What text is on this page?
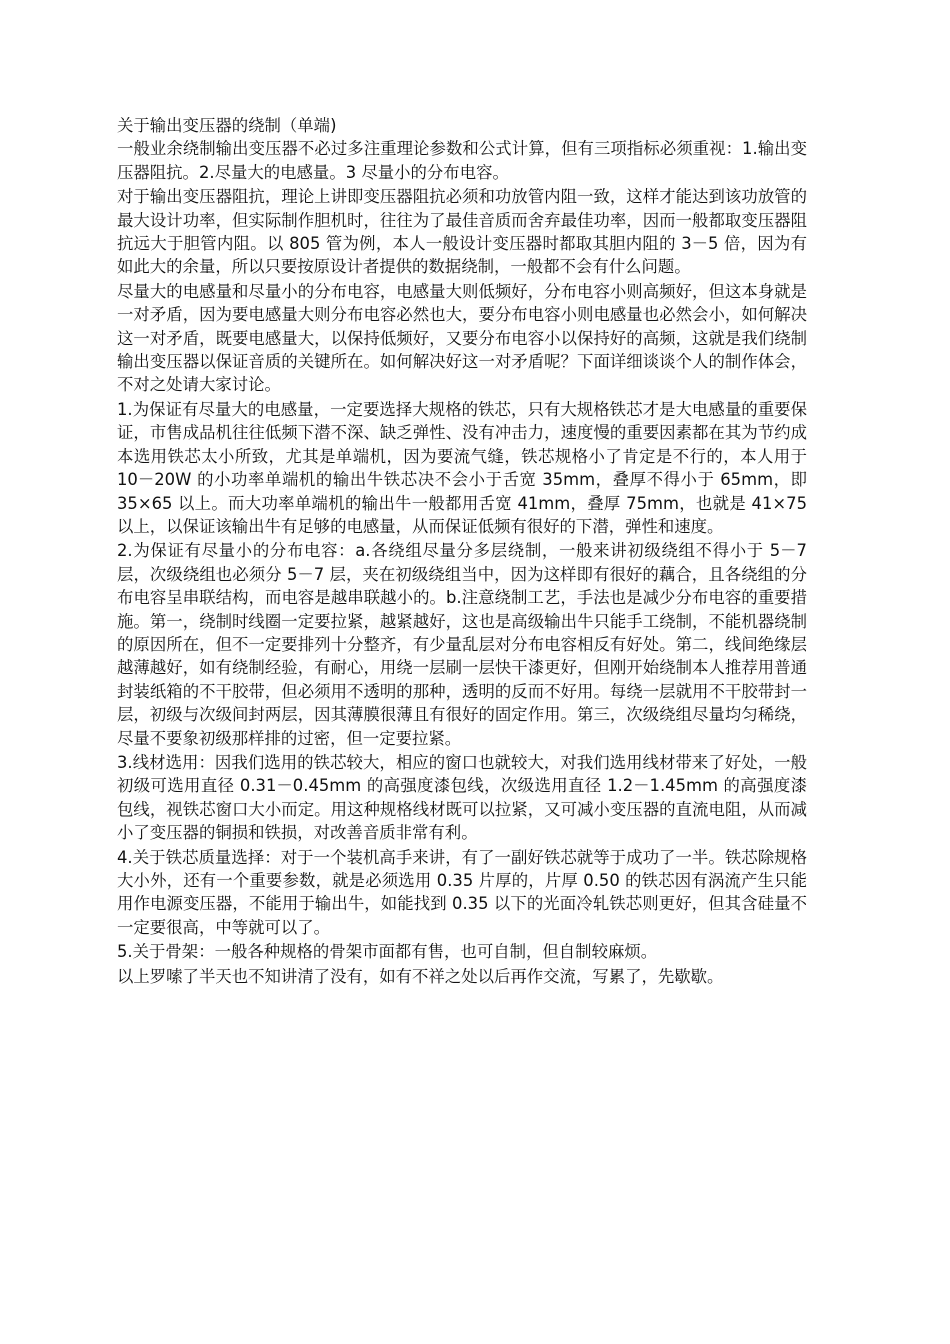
关于输出变压器的绕制（单端)

一般业余绕制输出变压器不必过多注重理论参数和公式计算，但有三项指标必须重视：1.输出变压器阻抗。2.尽量大的电感量。3 尽量小的分布电容。

对于输出变压器阻抗，理论上讲即变压器阻抗必须和功放管内阻一致，这样才能达到该功放管的最大设计功率，但实际制作胆机时，往往为了最佳音质而舍弃最佳功率，因而一般都取变压器阻抗远大于胆管内阻。以 805 管为例，本人一般设计变压器时都取其胆内阻的 3－5 倍，因为有如此大的余量，所以只要按原设计者提供的数据绕制，一般都不会有什么问题。

尽量大的电感量和尽量小的分布电容，电感量大则低频好，分布电容小则高频好，但这本身就是一对矛盾，因为要电感量大则分布电容必然也大，要分布电容小则电感量也必然会小，如何解决这一对矛盾，既要电感量大，以保持低频好，又要分布电容小以保持好的高频，这就是我们绕制输出变压器以保证音质的关键所在。如何解决好这一对矛盾呢？下面详细谈谈个人的制作体会，不对之处请大家讨论。

1.为保证有尽量大的电感量，一定要选择大规格的铁芯，只有大规格铁芯才是大电感量的重要保证，市售成品机往往低频下潜不深、缺乏弹性、没有冲击力，速度慢的重要因素都在其为节约成本选用铁芯太小所致，尤其是单端机，因为要流气缝，铁芯规格小了肯定是不行的，本人用于 10－20W 的小功率单端机的输出牛铁芯决不会小于舌宽 35mm，叠厚不得小于 65mm，即 35×65 以上。而大功率单端机的输出牛一般都用舌宽 41mm，叠厚 75mm，也就是 41×75 以上，以保证该输出牛有足够的电感量，从而保证低频有很好的下潜，弹性和速度。

2.为保证有尽量小的分布电容：a.各绕组尽量分多层绕制，一般来讲初级绕组不得小于 5－7 层，次级绕组也必须分 5－7 层，夹在初级绕组当中，因为这样即有很好的藕合，且各绕组的分布电容呈串联结构，而电容是越串联越小的。b.注意绕制工艺，手法也是减少分布电容的重要措施。第一，绕制时线圈一定要拉紧，越紧越好，这也是高级输出牛只能手工绕制，不能机器绕制的原因所在，但不一定要排列十分整齐，有少量乱层对分布电容相反有好处。第二，线间绝缘层越薄越好，如有绕制经验，有耐心，用绕一层刷一层快干漆更好，但刚开始绕制本人推荐用普通封装纸箱的不干胶带，但必须用不透明的那种，透明的反而不好用。每绕一层就用不干胶带封一层，初级与次级间封两层，因其薄膜很薄且有很好的固定作用。第三，次级绕组尽量均匀稀绕，尽量不要象初级那样排的过密，但一定要拉紧。

3.线材选用：因我们选用的铁芯较大，相应的窗口也就较大，对我们选用线材带来了好处，一般初级可选用直径 0.31－0.45mm 的高强度漆包线，次级选用直径 1.2－1.45mm 的高强度漆包线，视铁芯窗口大小而定。用这种规格线材既可以拉紧，又可减小变压器的直流电阻，从而减小了变压器的铜损和铁损，对改善音质非常有利。

4.关于铁芯质量选择：对于一个装机高手来讲，有了一副好铁芯就等于成功了一半。铁芯除规格大小外，还有一个重要参数，就是必须选用 0.35 片厚的，片厚 0.50 的铁芯因有涡流产生只能用作电源变压器，不能用于输出牛，如能找到 0.35 以下的光面冷轧铁芯则更好，但其含硅量不一定要很高，中等就可以了。

5.关于骨架：一般各种规格的骨架市面都有售，也可自制，但自制较麻烦。

以上罗嗦了半天也不知讲清了没有，如有不祥之处以后再作交流，写累了，先歇歇。
